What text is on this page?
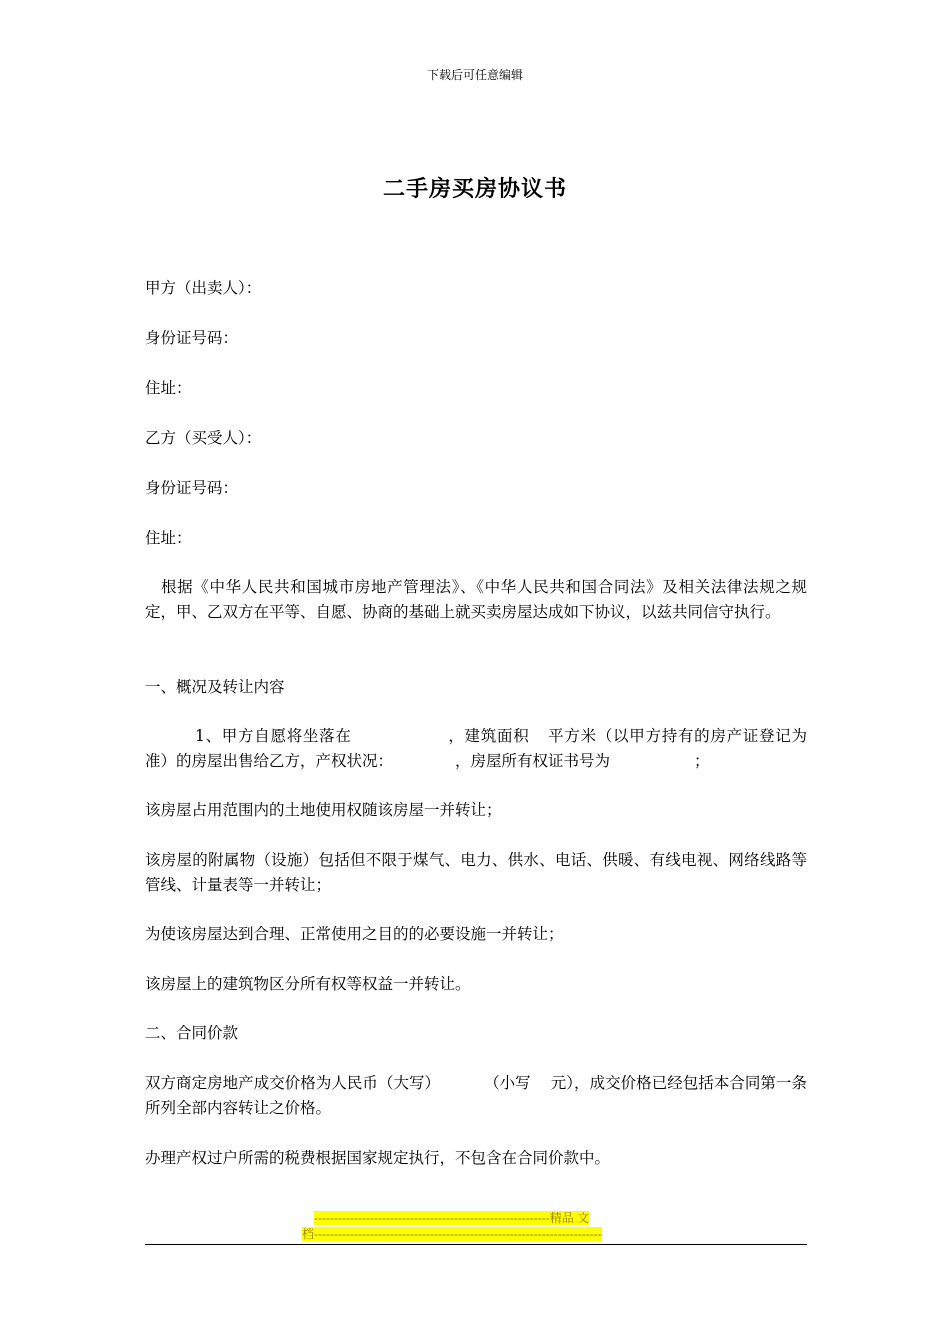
下载后可任意编辑
二手房买房协议书
甲方（出卖人）：
身份证号码：
住址：
乙方（买受人）：
身份证号码：
住址：
根据《中华人民共和国城市房地产管理法》、《中华人民共和国合同法》及相关法律法规之规定，甲、乙双方在平等、自愿、协商的基础上就买卖房屋达成如下协议，以兹共同信守执行。
一、概况及转让内容
1、甲方自愿将坐落在	，建筑面积 平方米（以甲方持有的房产证登记为准）的房屋出售给乙方，产权状况：	，房屋所有权证书号为	；
该房屋占用范围内的土地使用权随该房屋一并转让；
该房屋的附属物（设施）包括但不限于煤气、电力、供水、电话、供暖、有线电视、网络线路等管线、计量表等一并转让；
为使该房屋达到合理、正常使用之目的的必要设施一并转让；
该房屋上的建筑物区分所有权等权益一并转让。
二、合同价款
双方商定房地产成交价格为人民币（大写）	（小写 元），成交价格已经包括本合同第一条所列全部内容转让之价格。
办理产权过户所需的税费根据国家规定执行，不包含在合同价款中。
-----------------------------------------------------------精品 文
档------------------------------------------------------------------------
